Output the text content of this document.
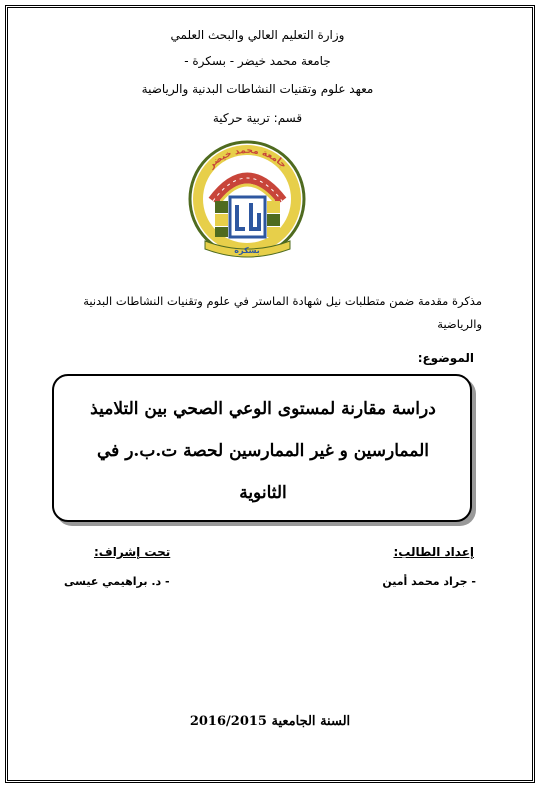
وزارة التعليم العالي والبحث العلمي
جامعة محمد خيضر - بسكرة -
معهد علوم وتقنيات النشاطات البدنية والرياضية
قسم: تربية حركية
جامعة محمد خيضر
بسكرة
مذكرة مقدمة ضمن متطلبات نيل شهادة الماستر في علوم وتقنيات النشاطات البدنية
والرياضية
الموضوع:
دراسة مقارنة لمستوى الوعي الصحي بين التلاميذ
الممارسين و غير الممارسين لحصة ت.ب.ر في
الثانوية
إعداد الطالب:
- جراد محمد أمين
تحت إشراف:
- د. براهيمي عيسى
السنة الجامعية 2016/2015
